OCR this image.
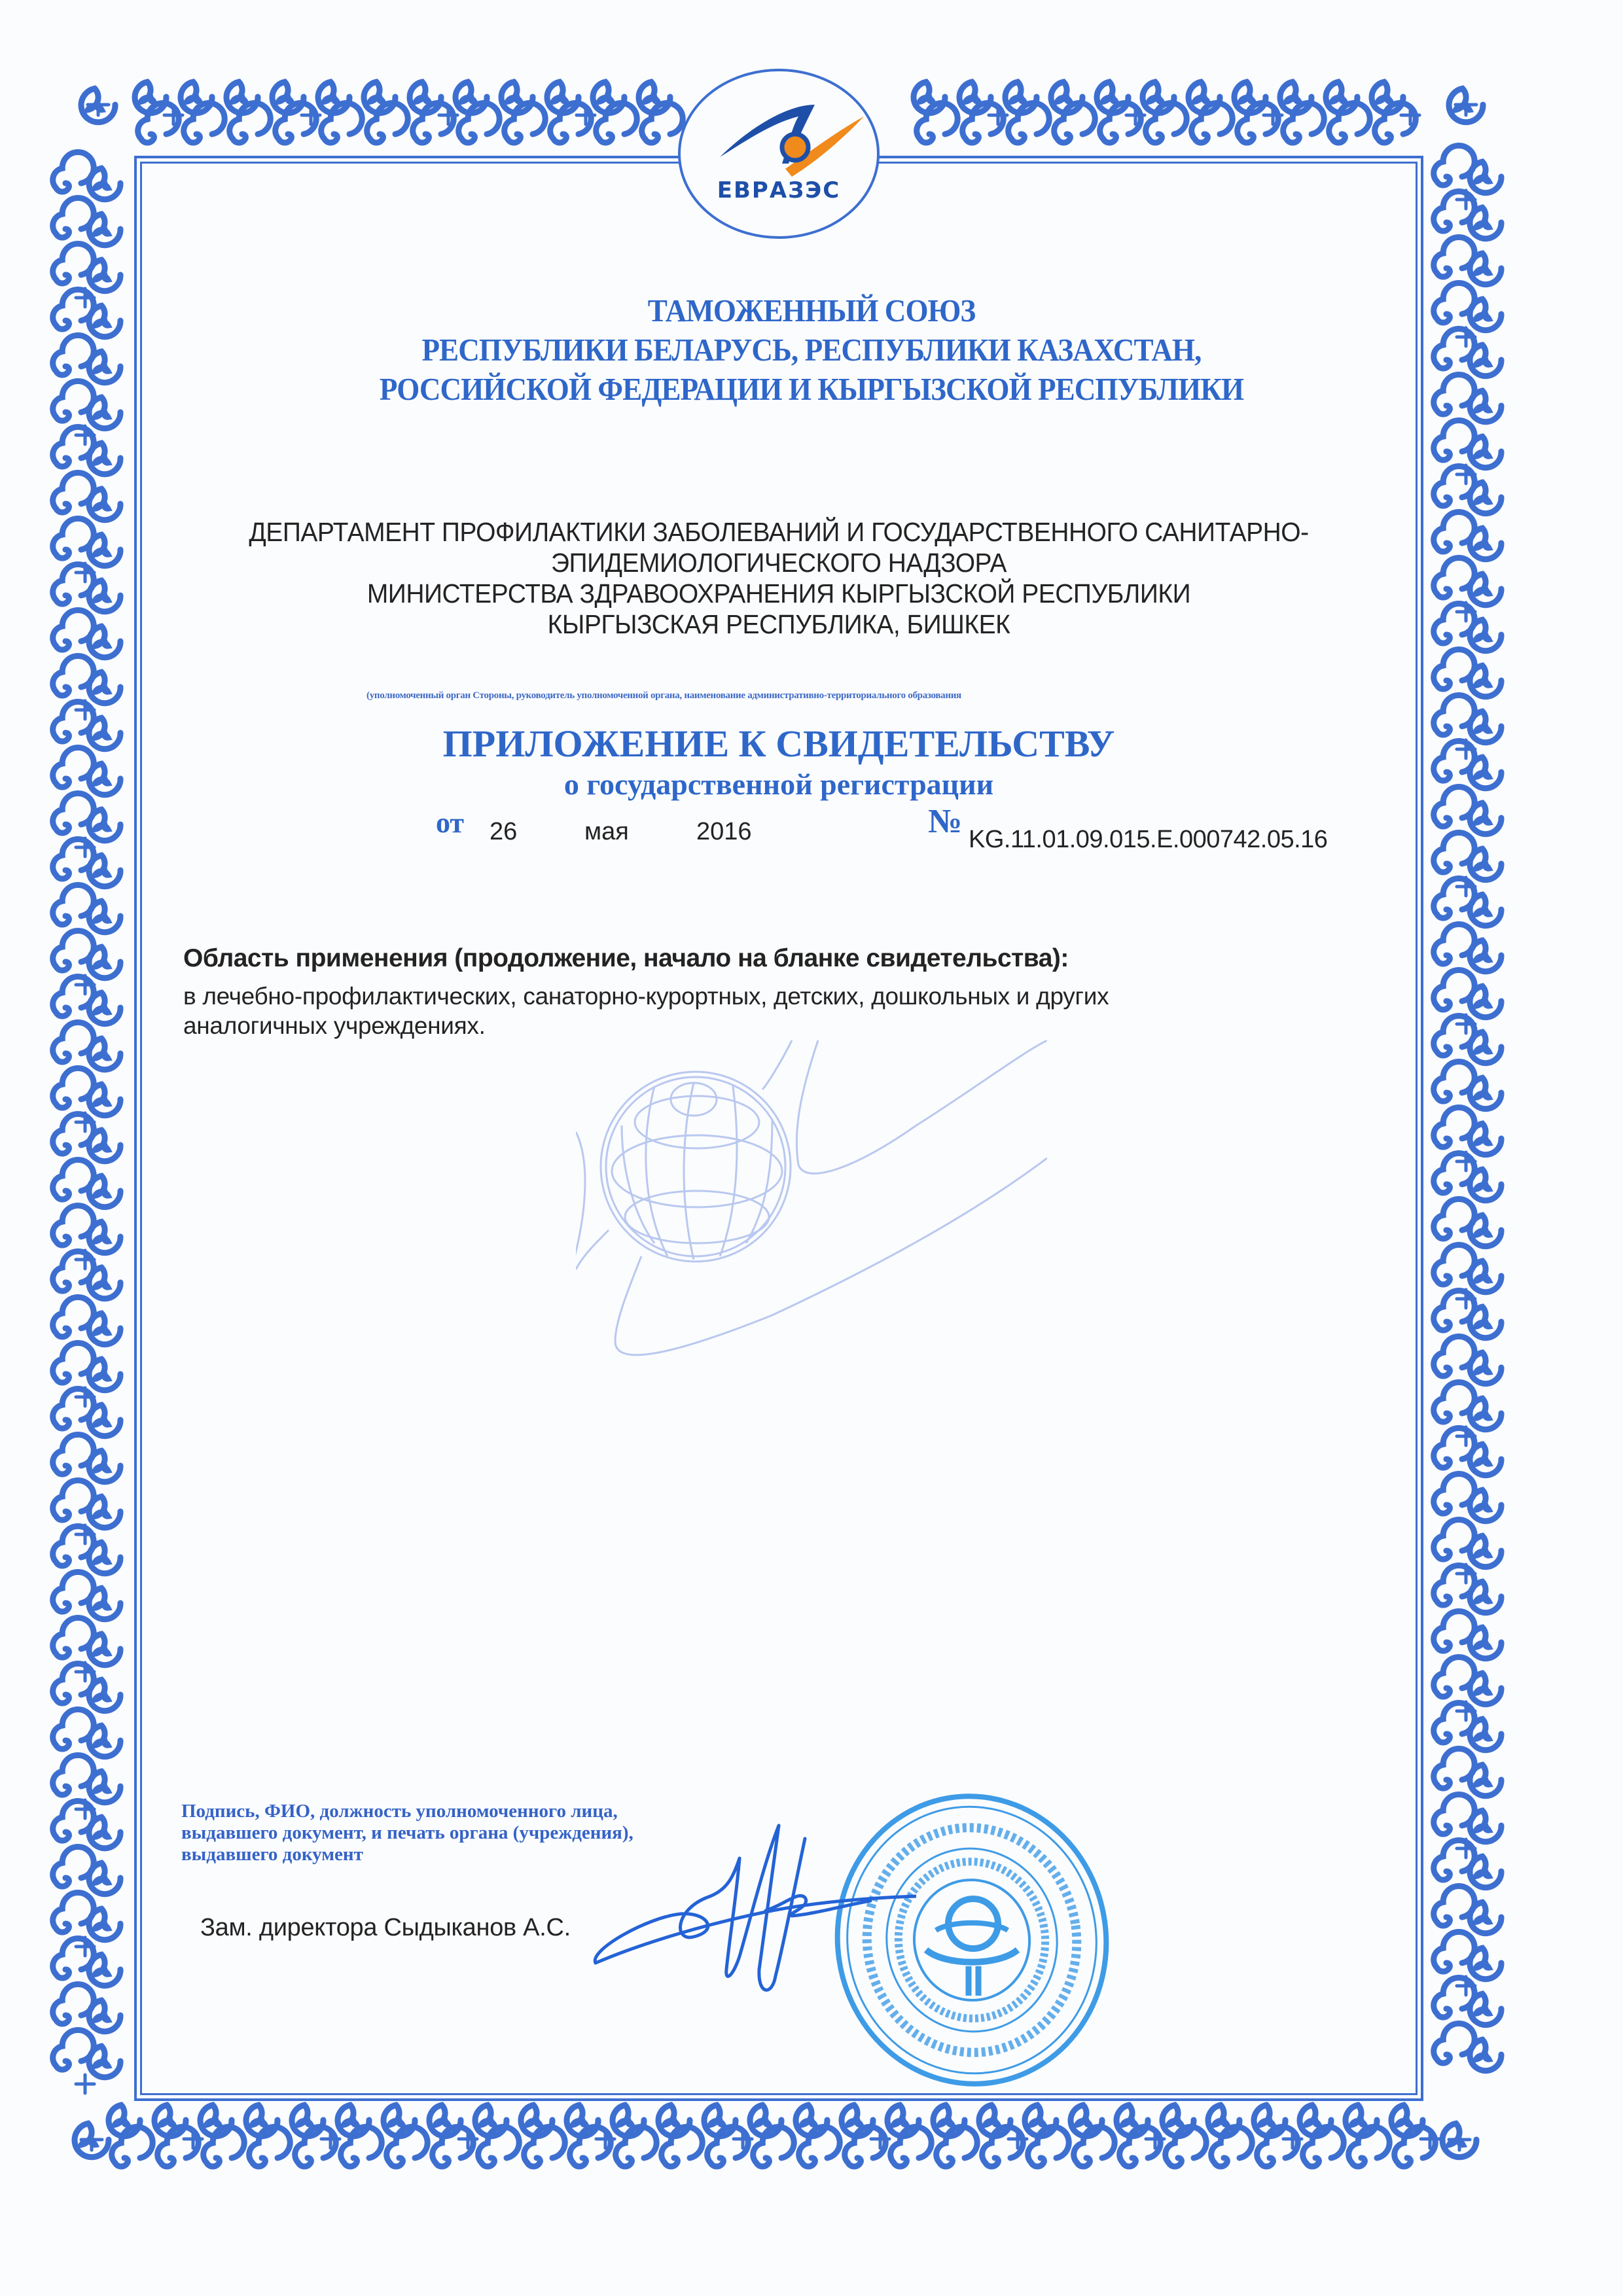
ЕВРАЗЭС
ТАМОЖЕННЫЙ СОЮЗ
РЕСПУБЛИКИ БЕЛАРУСЬ, РЕСПУБЛИКИ КАЗАХСТАН,
РОССИЙСКОЙ ФЕДЕРАЦИИ И КЫРГЫЗСКОЙ РЕСПУБЛИКИ
ДЕПАРТАМЕНТ ПРОФИЛАКТИКИ ЗАБОЛЕВАНИЙ И ГОСУДАРСТВЕННОГО САНИТАРНО-
ЭПИДЕМИОЛОГИЧЕСКОГО НАДЗОРА
МИНИСТЕРСТВА ЗДРАВООХРАНЕНИЯ КЫРГЫЗСКОЙ РЕСПУБЛИКИ
КЫРГЫЗСКАЯ РЕСПУБЛИКА, БИШКЕК
(уполномоченный орган Стороны, руководитель уполномоченной органа, наименование административно-территориального образования
ПРИЛОЖЕНИЕ К СВИДЕТЕЛЬСТВУ
о государственной регистрации
от 26	мая	2016	№ KG.11.01.09.015.E.000742.05.16
Область применения (продолжение, начало на бланке свидетельства):
в лечебно-профилактических, санаторно-курортных, детских, дошкольных и других
аналогичных учреждениях.
Подпись, ФИО, должность уполномоченного лица,
выдавшего документ, и печать органа (учреждения),
выдавшего документ
Зам. директора Сыдыканов А.С.
